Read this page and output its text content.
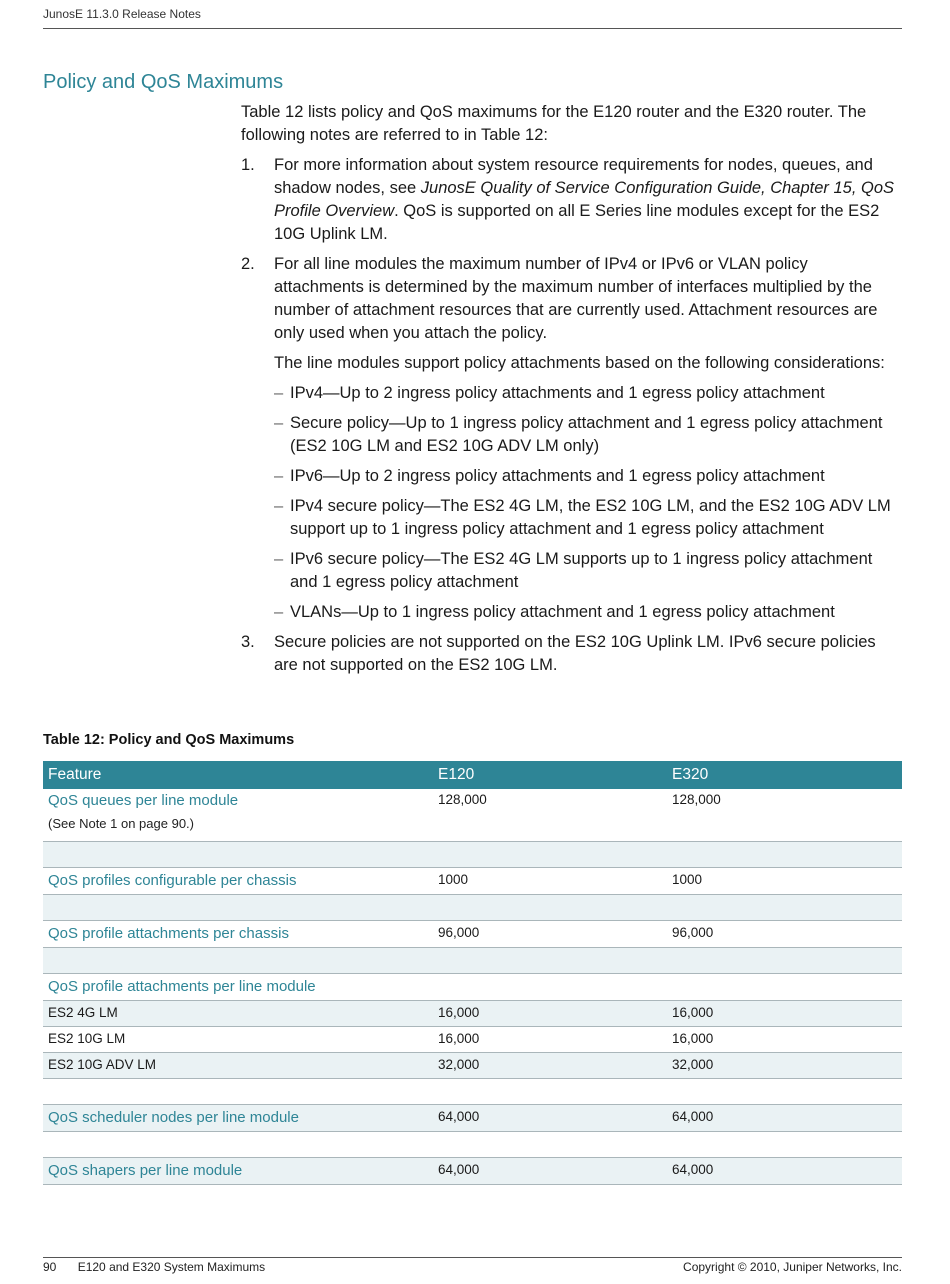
JunosE 11.3.0 Release Notes
Policy and QoS Maximums

Table 12 lists policy and QoS maximums for the E120 router and the E320 router. The following notes are referred to in Table 12:

1. For more information about system resource requirements for nodes, queues, and shadow nodes, see JunosE Quality of Service Configuration Guide, Chapter 15, QoS Profile Overview. QoS is supported on all E Series line modules except for the ES2 10G Uplink LM.

2. For all line modules the maximum number of IPv4 or IPv6 or VLAN policy attachments is determined by the maximum number of interfaces multiplied by the number of attachment resources that are currently used. Attachment resources are only used when you attach the policy.

The line modules support policy attachments based on the following considerations:

– IPv4—Up to 2 ingress policy attachments and 1 egress policy attachment
– Secure policy—Up to 1 ingress policy attachment and 1 egress policy attachment (ES2 10G LM and ES2 10G ADV LM only)
– IPv6—Up to 2 ingress policy attachments and 1 egress policy attachment
– IPv4 secure policy—The ES2 4G LM, the ES2 10G LM, and the ES2 10G ADV LM support up to 1 ingress policy attachment and 1 egress policy attachment
– IPv6 secure policy—The ES2 4G LM supports up to 1 ingress policy attachment and 1 egress policy attachment
– VLANs—Up to 1 ingress policy attachment and 1 egress policy attachment
3. Secure policies are not supported on the ES2 10G Uplink LM. IPv6 secure policies are not supported on the ES2 10G LM.

Table 12: Policy and QoS Maximums
Feature	E120	E320
QoS queues per line module
(See Note 1 on page 90.)	128,000	128,000

QoS profiles configurable per chassis	1000	1000

QoS profile attachments per chassis	96,000	96,000

QoS profile attachments per line module		
ES2 4G LM	16,000	16,000
ES2 10G LM	16,000	16,000
ES2 10G ADV LM	32,000	32,000

QoS scheduler nodes per line module	64,000	64,000

QoS shapers per line module	64,000	64,000
90 E120 and E320 System Maximums	Copyright © 2010, Juniper Networks, Inc.
